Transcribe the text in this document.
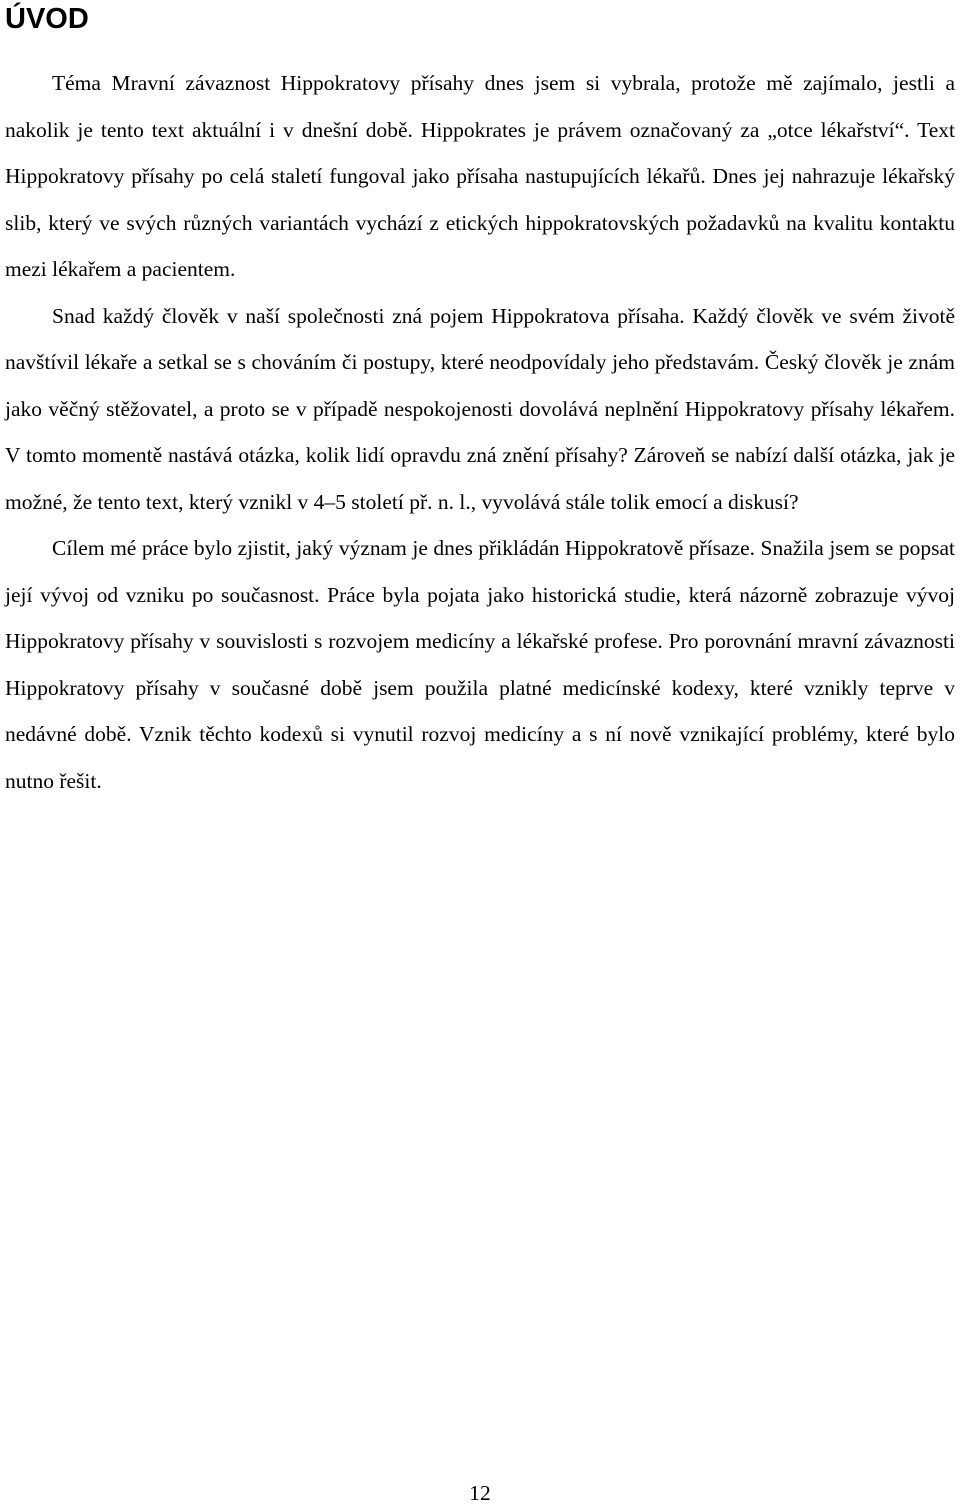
ÚVOD

Téma Mravní závaznost Hippokratovy přísahy dnes jsem si vybrala, protože mě zajímalo, jestli a nakolik je tento text aktuální i v dnešní době. Hippokrates je právem označovaný za „otce lékařství“. Text Hippokratovy přísahy po celá staletí fungoval jako přísaha nastupujících lékařů. Dnes jej nahrazuje lékařský slib, který ve svých různých variantách vychází z etických hippokratovských požadavků na kvalitu kontaktu mezi lékařem a pacientem.

Snad každý člověk v naší společnosti zná pojem Hippokratova přísaha. Každý člověk ve svém životě navštívil lékaře a setkal se s chováním či postupy, které neodpovídaly jeho představám. Český člověk je znám jako věčný stěžovatel, a proto se v případě nespokojenosti dovolává neplnění Hippokratovy přísahy lékařem. V tomto momentě nastává otázka, kolik lidí opravdu zná znění přísahy? Zároveň se nabízí další otázka, jak je možné, že tento text, který vznikl v 4–5 století př. n. l., vyvolává stále tolik emocí a diskusí?

Cílem mé práce bylo zjistit, jaký význam je dnes přikládán Hippokratově přísaze. Snažila jsem se popsat její vývoj od vzniku po současnost. Práce byla pojata jako historická studie, která názorně zobrazuje vývoj Hippokratovy přísahy v souvislosti s rozvojem medicíny a lékařské profese. Pro porovnání mravní závaznosti Hippokratovy přísahy v současné době jsem použila platné medicínské kodexy, které vznikly teprve v nedávné době. Vznik těchto kodexů si vynutil rozvoj medicíny a s ní nově vznikající problémy, které bylo nutno řešit.

12
